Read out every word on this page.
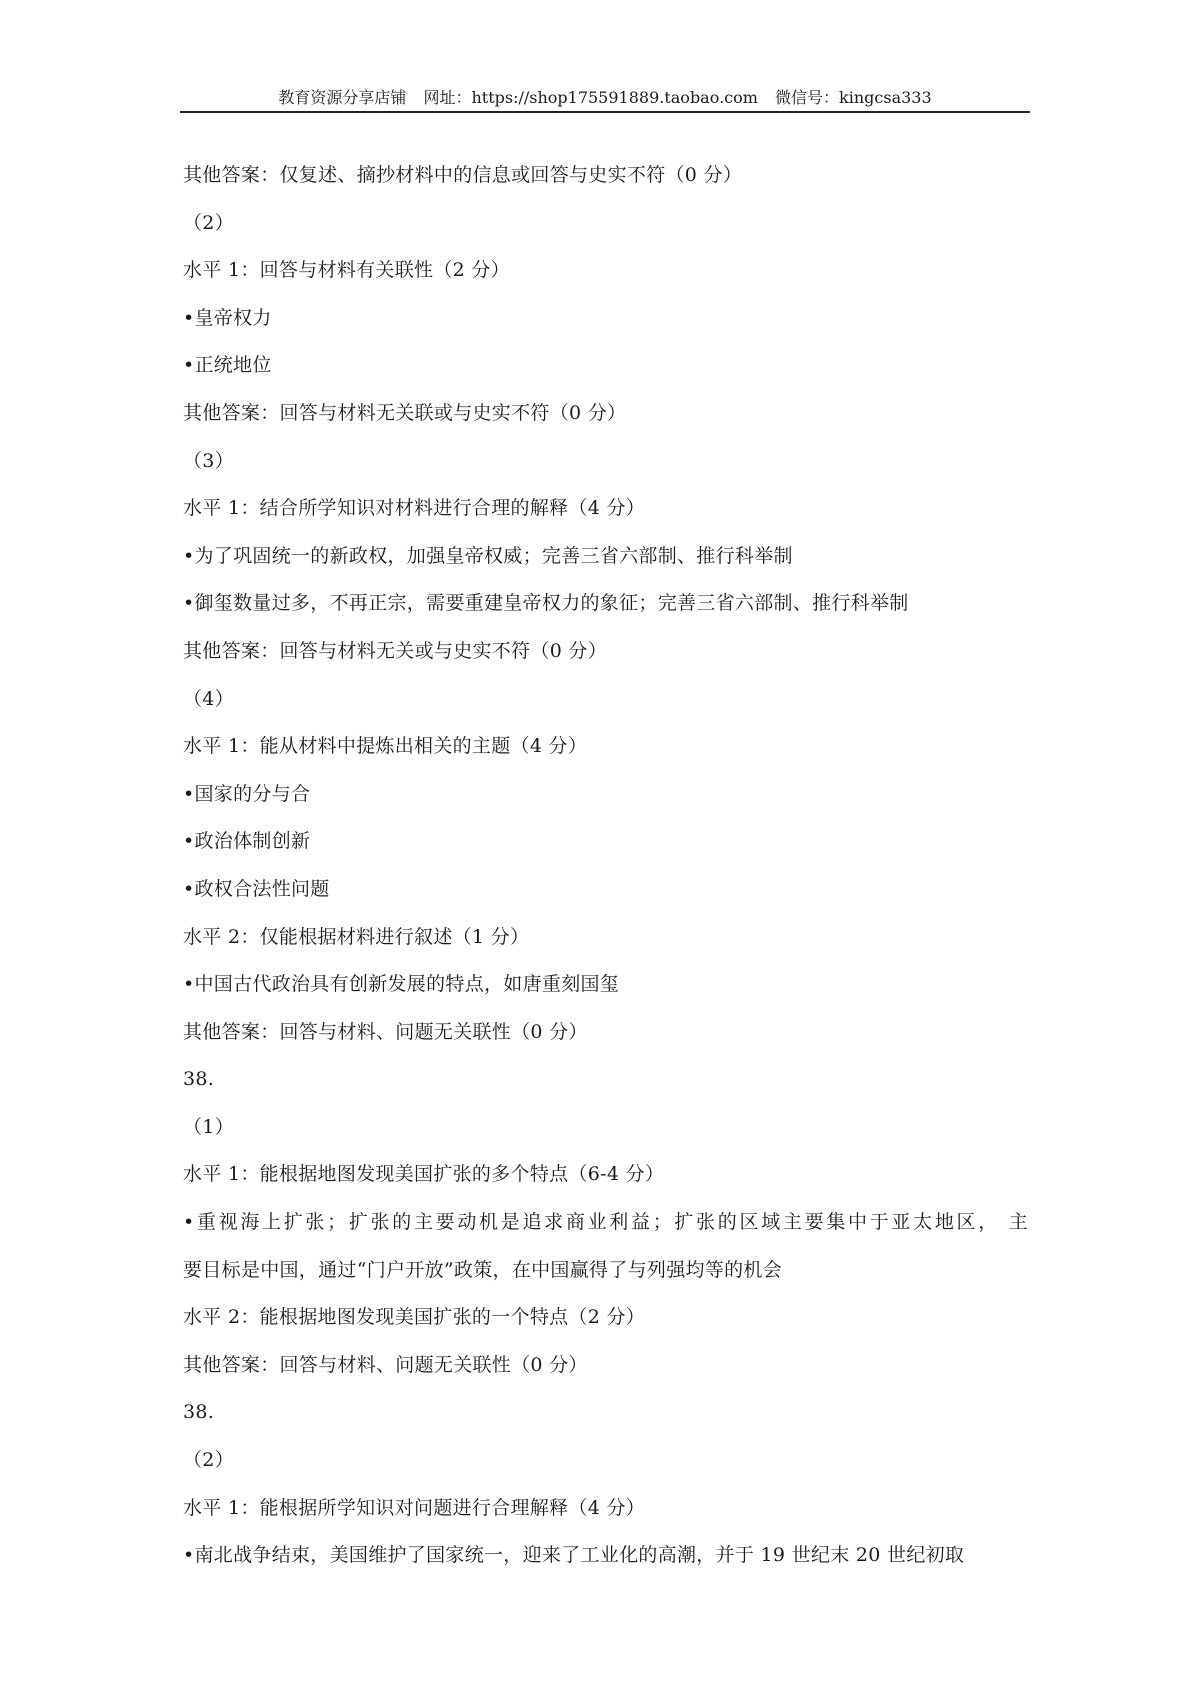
教育资源分享店铺 网址：https://shop175591889.taobao.com 微信号：kingcsa333
其他答案：仅复述、摘抄材料中的信息或回答与史实不符（0 分）
（2）
水平 1：回答与材料有关联性（2 分）
•皇帝权力
•正统地位
其他答案：回答与材料无关联或与史实不符（0 分）
（3）
水平 1：结合所学知识对材料进行合理的解释（4 分）
•为了巩固统一的新政权，加强皇帝权威；完善三省六部制、推行科举制
•御玺数量过多，不再正宗，需要重建皇帝权力的象征；完善三省六部制、推行科举制
其他答案：回答与材料无关或与史实不符（0 分）
（4）
水平 1：能从材料中提炼出相关的主题（4 分）
•国家的分与合
•政治体制创新
•政权合法性问题
水平 2：仅能根据材料进行叙述（1 分）
•中国古代政治具有创新发展的特点，如唐重刻国玺
其他答案：回答与材料、问题无关联性（0 分）
38.
（1）
水平 1：能根据地图发现美国扩张的多个特点（6-4 分）
•重视海上扩张；扩张的主要动机是追求商业利益；扩张的区域主要集中于亚太地区， 主
要目标是中国，通过“门户开放”政策，在中国赢得了与列强均等的机会
水平 2：能根据地图发现美国扩张的一个特点（2 分）
其他答案：回答与材料、问题无关联性（0 分）
38.
（2）
水平 1：能根据所学知识对问题进行合理解释（4 分）
•南北战争结束，美国维护了国家统一，迎来了工业化的高潮，并于 19 世纪末 20 世纪初取
